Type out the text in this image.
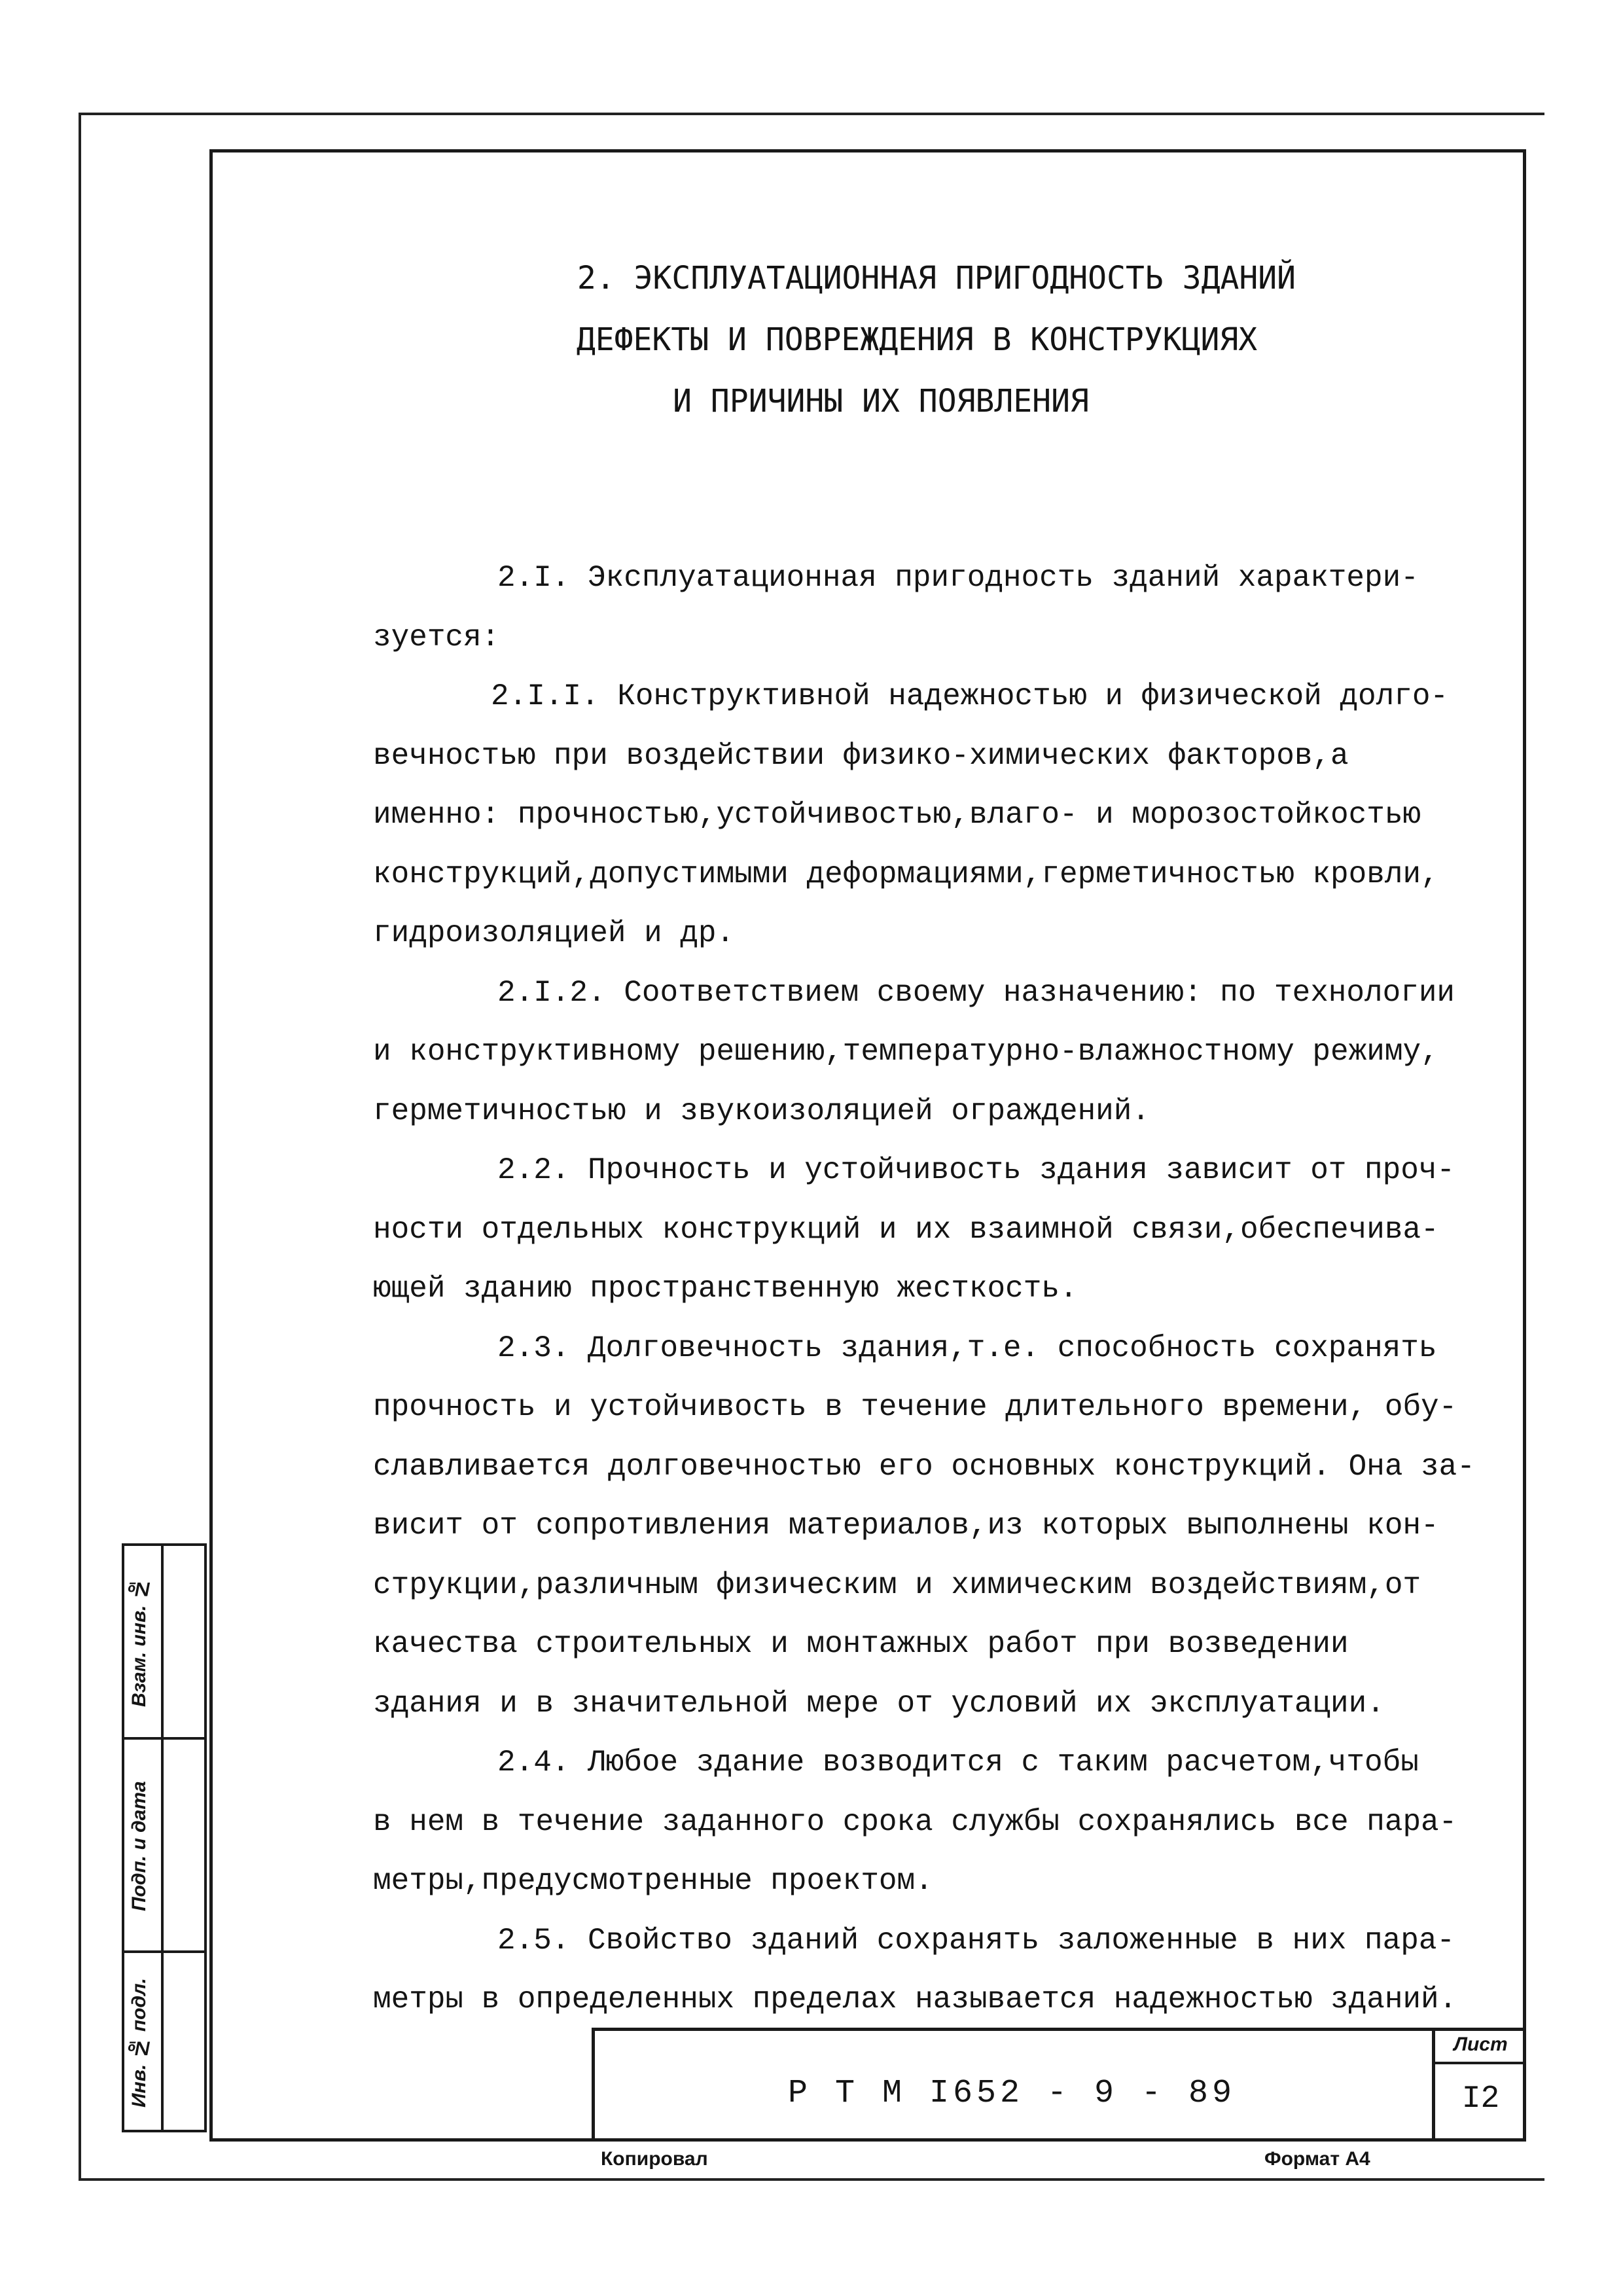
2. ЭКСПЛУАТАЦИОННАЯ ПРИГОДНОСТЬ ЗДАНИЙ
ДЕФЕКТЫ И ПОВРЕЖДЕНИЯ В КОНСТРУКЦИЯХ
И ПРИЧИНЫ ИХ ПОЯВЛЕНИЯ
2.I. Эксплуатационная пригодность зданий характери-
зуется:
2.I.I. Конструктивной надежностью и физической долго-
вечностью при воздействии физико-химических факторов,а
именно: прочностью,устойчивостью,влаго- и морозостойкостью
конструкций,допустимыми деформациями,герметичностью кровли,
гидроизоляцией и др.
2.I.2. Соответствием своему назначению: по технологии
и конструктивному решению,температурно-влажностному режиму,
герметичностью и звукоизоляцией ограждений.
2.2. Прочность и устойчивость здания зависит от проч-
ности отдельных конструкций и их взаимной связи,обеспечива-
ющей зданию пространственную жесткость.
2.3. Долговечность здания,т.е. способность сохранять
прочность и устойчивость в течение длительного времени, обу-
славливается долговечностью его основных конструкций. Она за-
висит от сопротивления материалов,из которых выполнены кон-
струкции,различным физическим и химическим воздействиям,от
качества строительных и монтажных работ при возведении
здания и в значительной мере от условий их эксплуатации.
2.4. Любое здание возводится с таким расчетом,чтобы
в нем в течение заданного срока службы сохранялись все пара-
метры,предусмотренные проектом.
2.5. Свойство зданий сохранять заложенные в них пара-
метры в определенных пределах называется надежностью зданий.
Взам. инв. №
Подп. и дата
Инв. № подл.	Р Т М I652 - 9 - 89
Лист
I2
Копировал	Формат А4
